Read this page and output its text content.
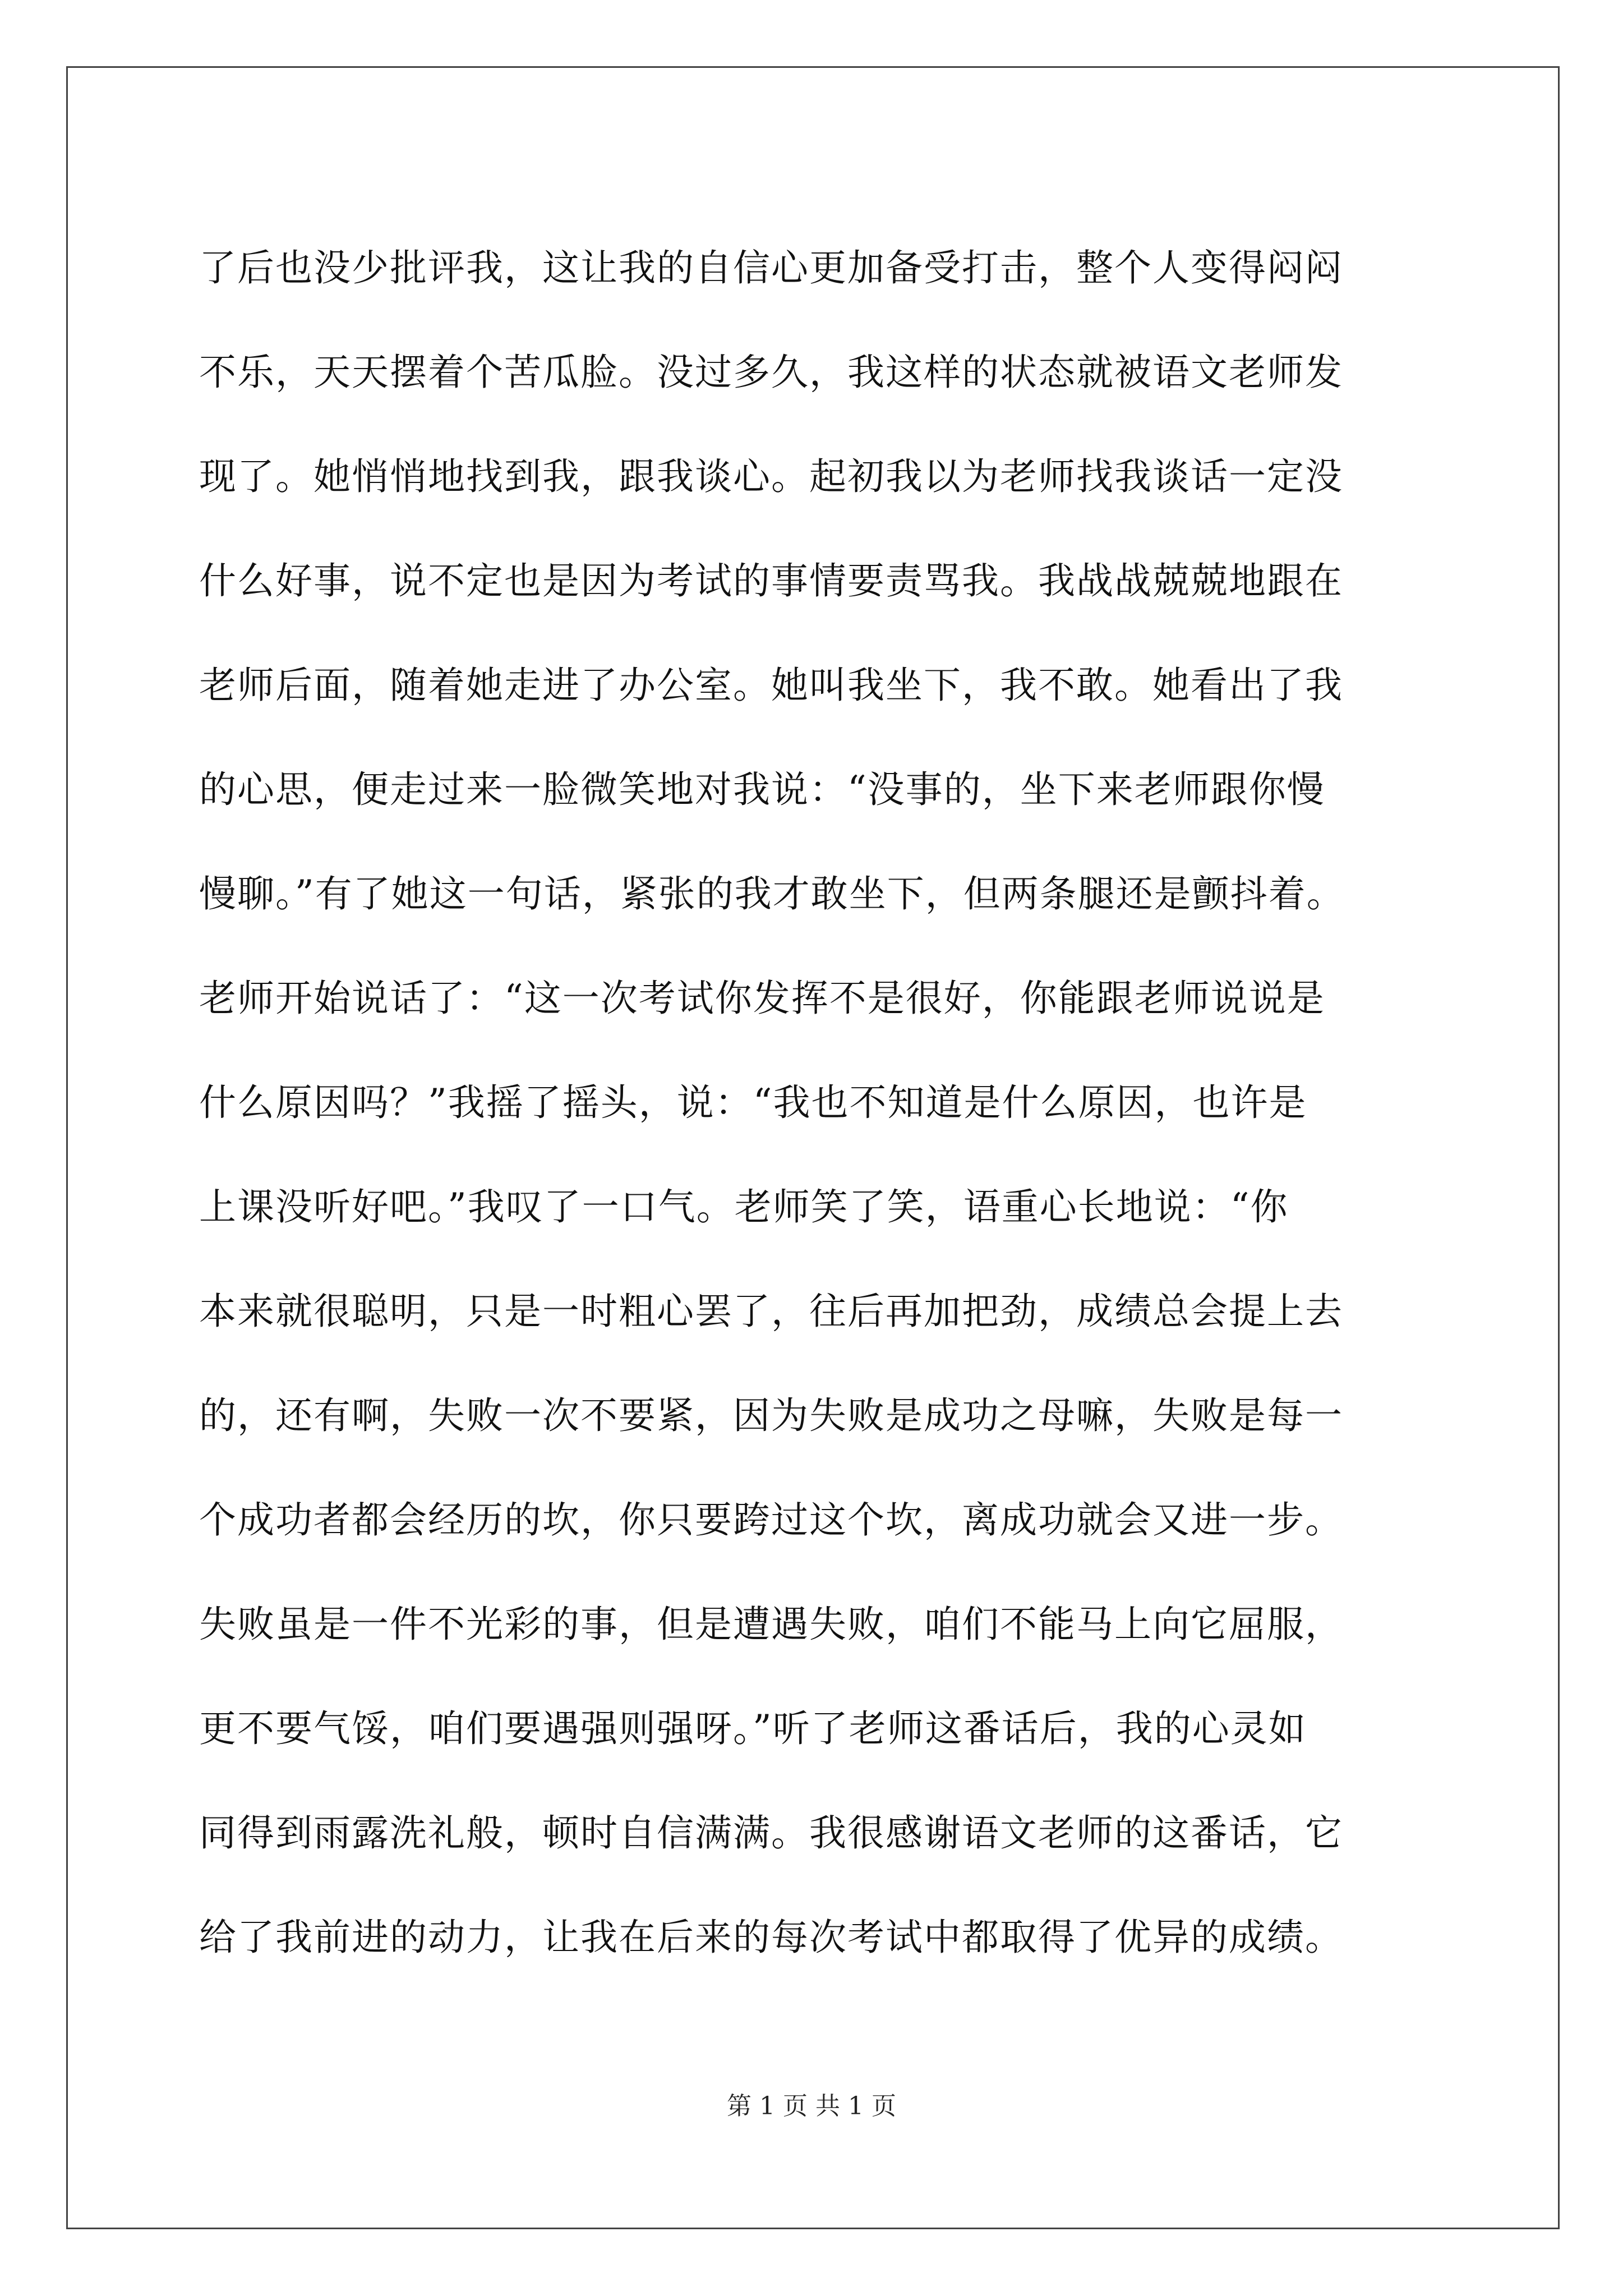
了后也没少批评我，这让我的自信心更加备受打击，整个人变得闷闷
不乐，天天摆着个苦瓜脸。没过多久，我这样的状态就被语文老师发
现了。她悄悄地找到我，跟我谈心。起初我以为老师找我谈话一定没
什么好事，说不定也是因为考试的事情要责骂我。我战战兢兢地跟在
老师后面，随着她走进了办公室。她叫我坐下，我不敢。她看出了我
的心思，便走过来一脸微笑地对我说：“没事的，坐下来老师跟你慢
慢聊。”有了她这一句话，紧张的我才敢坐下，但两条腿还是颤抖着。
老师开始说话了：“这一次考试你发挥不是很好，你能跟老师说说是
什么原因吗？”我摇了摇头，说：“我也不知道是什么原因，也许是
上课没听好吧。”我叹了一口气。老师笑了笑，语重心长地说：“你
本来就很聪明，只是一时粗心罢了，往后再加把劲，成绩总会提上去
的，还有啊，失败一次不要紧，因为失败是成功之母嘛，失败是每一
个成功者都会经历的坎，你只要跨过这个坎，离成功就会又进一步。
失败虽是一件不光彩的事，但是遭遇失败，咱们不能马上向它屈服，
更不要气馁，咱们要遇强则强呀。”听了老师这番话后，我的心灵如
同得到雨露洗礼般，顿时自信满满。我很感谢语文老师的这番话，它
给了我前进的动力，让我在后来的每次考试中都取得了优异的成绩。
第 1 页 共 1 页
